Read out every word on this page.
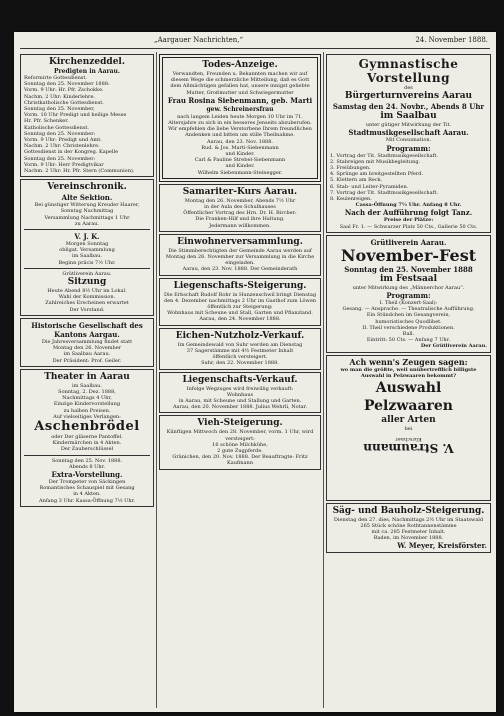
„Aargauer Nachrichten,“	24. November 1888.
Kirchenzeddel.
Predigten in Aarau.
Reformirte Gottesdienst.
Sonntag den 25. November 1888:
Vorm. 9 Uhr: Hr. Pfr. Zschokke.
Nachm. 2 Uhr: Kinderlehre.
Christkatholische Gottesdienst.
Sonntag den 25. November,
Vorm. 10 Uhr Predigt und heilige Messe
Hr. Pfr. Schenker.
Katholische Gottesdienst.
Sonntag den 25. November:
Vorm. 9 Uhr: Predigt und Amt.
Nachm. 2 Uhr: Christenlehre.
Gottesdienst in der Kongreg. Kapelle
Sonntag den 25. November:
Vorm. 9 Uhr: Herr Predigtvikar
Nachm. 2 Uhr: Hr. Pfr. Stern (Communion).
Vereinschronik.
Alte Sektion.
Bei günstiger Witterung Kreuder Haarer, Sonntag Nachmittag
Versammlung Nachmittags 1 Uhr
zu Aarau.
V. J. K.
Morgen Sonntag
obligat. Versammlung
im Saalbau.
Beginn präcis 7½ Uhr.
Grütliverein Aarau.
Sitzung
Heute Abend 8½ Uhr im Lokal.
Wahl der Kommission.
Zahlreiches Erscheinen erwartet
Der Vorstand.
Historische Gesellschaft des Kantons Aargau.
Die Jahresversammlung findet statt
Montag den 26. November
im Saalbau Aarau.
Der Präsident: Prof. Geiler.
Theater in Aarau
im Saalbau.
Sonntag, 2. Dez. 1888,
Nachmittags 4 Uhr,
Einzige Kindervorstellung
zu halben Preisen.
Auf vielseitiges Verlangen:
Aschenbrödel
oder Der gläserne Pantoffel.
Kindermärchen in 4 Akten.
Der Zauberschlüssel
Sonntag den 25. Nov. 1888.
Abends 8 Uhr.
Extra-Vorstellung.
Der Trompeter von Säckingen
Romantisches Schauspiel mit Gesang
in 4 Akten.
Anfang 3 Uhr. Kassa-Öffnung 7½ Uhr.
Todes-Anzeige.
Verwandten, Freunden u. Bekannten machen wir auf diesem Wege die schmerzliche Mitteilung, daß es Gott dem Allmächtigen gefallen hat, unsere innigst geliebte Mutter, Großmutter und Schwiegermutter
Frau Rosina Siebenmann, geb. Marti
gew. Schreinersfrau
nach langem Leiden heute Morgen 10 Uhr im 71. Altersjahre zu sich in ein besseres Jenseits abzuberufen.
Wir empfehlen die liebe Verstorbene Ihrem freundlichen Andenken und bitten um stille Theilnahme.
Aarau, den 23. Nov. 1888.
Rud. & Jos. Marti-Siebenmann
und Kinder.
Carl & Pauline Strebel-Siebenmann
und Kinder.
Wilhelm Siebenmann-Steinegger.
Samariter-Kurs Aarau.
Montag den 26. November, Abends 7½ Uhr
in der Aula des Schulhauses
Öffentlicher Vortrag des Hrn. Dr. H. Bircher:
Die Franken-Hilf und ihre Haltung.
Jedermann willkommen.
Einwohnerversammlung.
Die Stimmberechtigten der Gemeinde Aarau werden auf Montag den 26. November zur Versammlung in die Kirche eingeladen.
Aarau, den 23. Nov. 1888. Der Gemeinderath
Liegenschafts-Steigerung.
Die Erbschaft Rudolf Rohr in Hunzenschwil bringt Dienstag den 4. Dezember nachmittags 2 Uhr im Gasthof zum Löwen öffentlich zur Steigerung:
Wohnhaus mit Scheune und Stall, Garten und Pflanzland.
Aarau, den 24. November 1888.
Eichen-Nutzholz-Verkauf.
Im Gemeindewald von Suhr werden am Dienstag
37 Sagerstämme mit 4½ Festmeter Inhalt
öffentlich versteigert.
Suhr, den 22. November 1888.
Liegenschafts-Verkauf.
Infolge Wegzuges wird freiwillig verkauft:
Wohnhaus
in Aarau, mit Scheune und Stallung und Garten.
Aarau, den 20. November 1888. Julius Wehrli, Notar.
Vieh-Steigerung.
Künftigen Mittwoch den 28. November, vorm. 1 Uhr, wird versteigert:
16 schöne Milchkühe,
2 gute Zugpferde.
Gränichen, den 20. Nov. 1888. Der Beauftragte: Fritz Kaufmann
Gymnastische Vorstellung
des
Bürgerturnvereins Aarau
Samstag den 24. Novbr., Abends 8 Uhr
im Saalbau
unter gütiger Mitwirkung der Tit.
Stadtmusikgesellschaft Aarau.
Mit Consumation.
Programm:
1. Vortrag der Tit. Stadtmusikgesellschaft.
2. Stabreigen mit Musikbegleitung.
3. Freiübungen.
4. Sprünge am breitgestellten Pferd.
5. Klettern am Reck.
6. Stab- und Leiter-Pyramiden.
7. Vortrag der Tit. Stadtmusikgesellschaft.
8. Keulenreigen.
Cassa-Öffnung 7½ Uhr. Anfang 8 Uhr.
Nach der Aufführung folgt Tanz.
Preise der Plätze:
Saal Fr. 1. — Schwarzer Platz 50 Cts., Gallerie 50 Cts.
Grütliverein Aarau.
November-Fest
Sonntag den 25. November 1888
im Festsaal
unter Mitwirkung des „Männerchor Aarau“.
Programm:
I. Theil (Konzert-Saal):
Gesang. — Ansprache. — Theatralische Aufführung.
Ein Stündchen im Gesangverein,
humoristisches Quodlibet.
II. Theil verschiedene Produktionen.
Ball.
Eintritt: 50 Cts. — Anfang 7 Uhr.
Der Grütliverein Aarau.
Ach wenn's Zeugen sagen:
wo man die größte, weil unübertrefflich billigste Auswahl in Pelzwaaren bekommt?
Auswahl Pelzwaaren
aller Arten
bei
V. Straumann
Kürschner
Säg- und Bauholz-Steigerung.
Dienstag den 27. dies, Nachmittags 2½ Uhr im Staatswald
265 Stück schöne Rothtannenstämme
mit ca. 285 Festmeter Inhalt.
Baden, im November 1888.
W. Meyer, Kreisförster.
